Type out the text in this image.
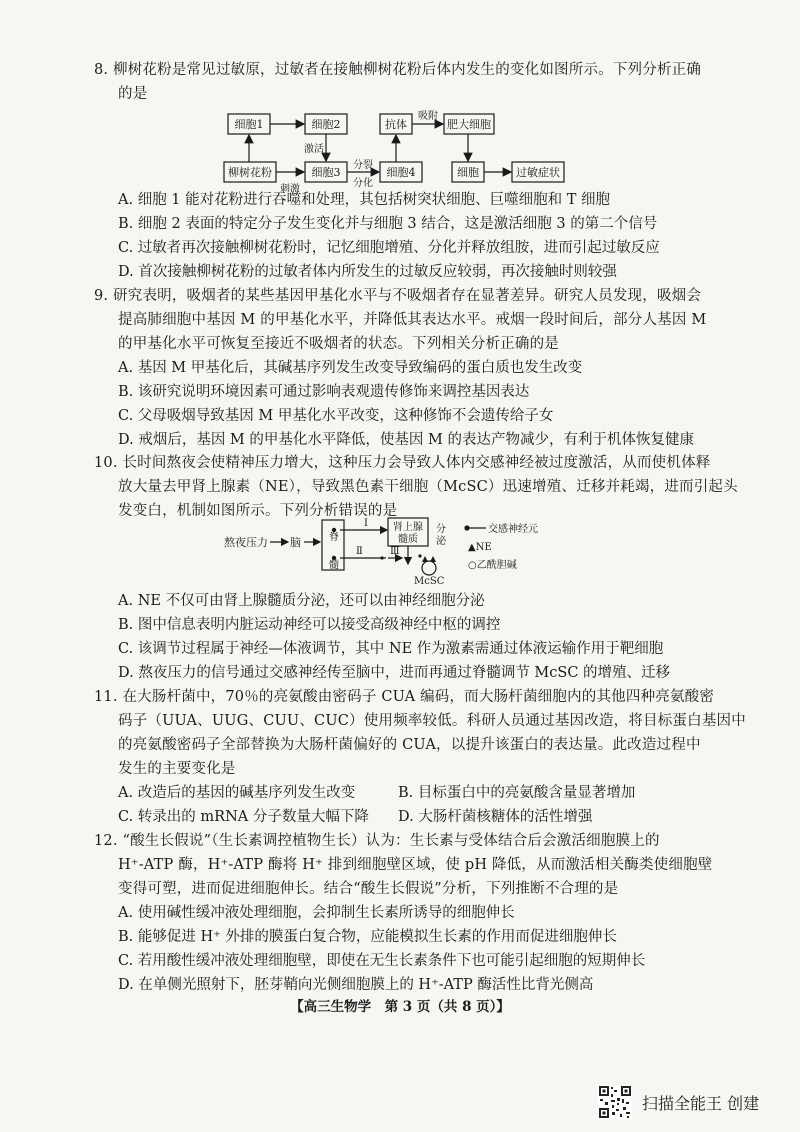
8. 柳树花粉是常见过敏原，过敏者在接触柳树花粉后体内发生的变化如图所示。下列分析正确
的是
细胞1	细胞2
柳树花粉	细胞3	细胞4
抗体	肥大细胞
细胞	过敏症状
刺激
激活
分裂
分化
吸附
A. 细胞 1 能对花粉进行吞噬和处理，其包括树突状细胞、巨噬细胞和 T 细胞
B. 细胞 2 表面的特定分子发生变化并与细胞 3 结合，这是激活细胞 3 的第二个信号
C. 过敏者再次接触柳树花粉时，记忆细胞增殖、分化并释放组胺，进而引起过敏反应
D. 首次接触柳树花粉的过敏者体内所发生的过敏反应较弱，再次接触时则较强
9. 研究表明，吸烟者的某些基因甲基化水平与不吸烟者存在显著差异。研究人员发现，吸烟会
提高肺细胞中基因 M 的甲基化水平，并降低其表达水平。戒烟一段时间后，部分人基因 M
的甲基化水平可恢复至接近不吸烟者的状态。下列相关分析正确的是
A. 基因 M 甲基化后，其碱基序列发生改变导致编码的蛋白质也发生改变
B. 该研究说明环境因素可通过影响表观遗传修饰来调控基因表达
C. 父母吸烟导致基因 M 甲基化水平改变，这种修饰不会遗传给子女
D. 戒烟后，基因 M 的甲基化水平降低，使基因 M 的表达产物减少，有利于机体恢复健康
10. 长时间熬夜会使精神压力增大，这种压力会导致人体内交感神经被过度激活，从而使机体释
放大量去甲肾上腺素（NE），导致黑色素干细胞（McSC）迅速增殖、迁移并耗竭，进而引起头
发变白，机制如图所示。下列分析错误的是
熬夜压力 脑	脊
髓
肾上腺
髓质
分
泌
Ⅰ
Ⅱ	Ⅲ
交感神经元
▲NE
○乙酰胆碱
McSC
A. NE 不仅可由肾上腺髓质分泌，还可以由神经细胞分泌
B. 图中信息表明内脏运动神经可以接受高级神经中枢的调控
C. 该调节过程属于神经—体液调节，其中 NE 作为激素需通过体液运输作用于靶细胞
D. 熬夜压力的信号通过交感神经传至脑中，进而再通过脊髓调节 McSC 的增殖、迁移
11. 在大肠杆菌中，70％的亮氨酸由密码子 CUA 编码，而大肠杆菌细胞内的其他四种亮氨酸密
码子（UUA、UUG、CUU、CUC）使用频率较低。科研人员通过基因改造，将目标蛋白基因中
的亮氨酸密码子全部替换为大肠杆菌偏好的 CUA，以提升该蛋白的表达量。此改造过程中
发生的主要变化是
A. 改造后的基因的碱基序列发生改变	B. 目标蛋白中的亮氨酸含量显著增加
C. 转录出的 mRNA 分子数量大幅下降	D. 大肠杆菌核糖体的活性增强
12. “酸生长假说”（生长素调控植物生长）认为：生长素与受体结合后会激活细胞膜上的
H⁺-ATP 酶，H⁺-ATP 酶将 H⁺ 排到细胞壁区域，使 pH 降低，从而激活相关酶类使细胞壁
变得可塑，进而促进细胞伸长。结合“酸生长假说”分析，下列推断不合理的是
A. 使用碱性缓冲液处理细胞，会抑制生长素所诱导的细胞伸长
B. 能够促进 H⁺ 外排的膜蛋白复合物，应能模拟生长素的作用而促进细胞伸长
C. 若用酸性缓冲液处理细胞壁，即使在无生长素条件下也可能引起细胞的短期伸长
D. 在单侧光照射下，胚芽鞘向光侧细胞膜上的 H⁺-ATP 酶活性比背光侧高
【高三生物学　第 3 页（共 8 页）】
扫描全能王 创建
